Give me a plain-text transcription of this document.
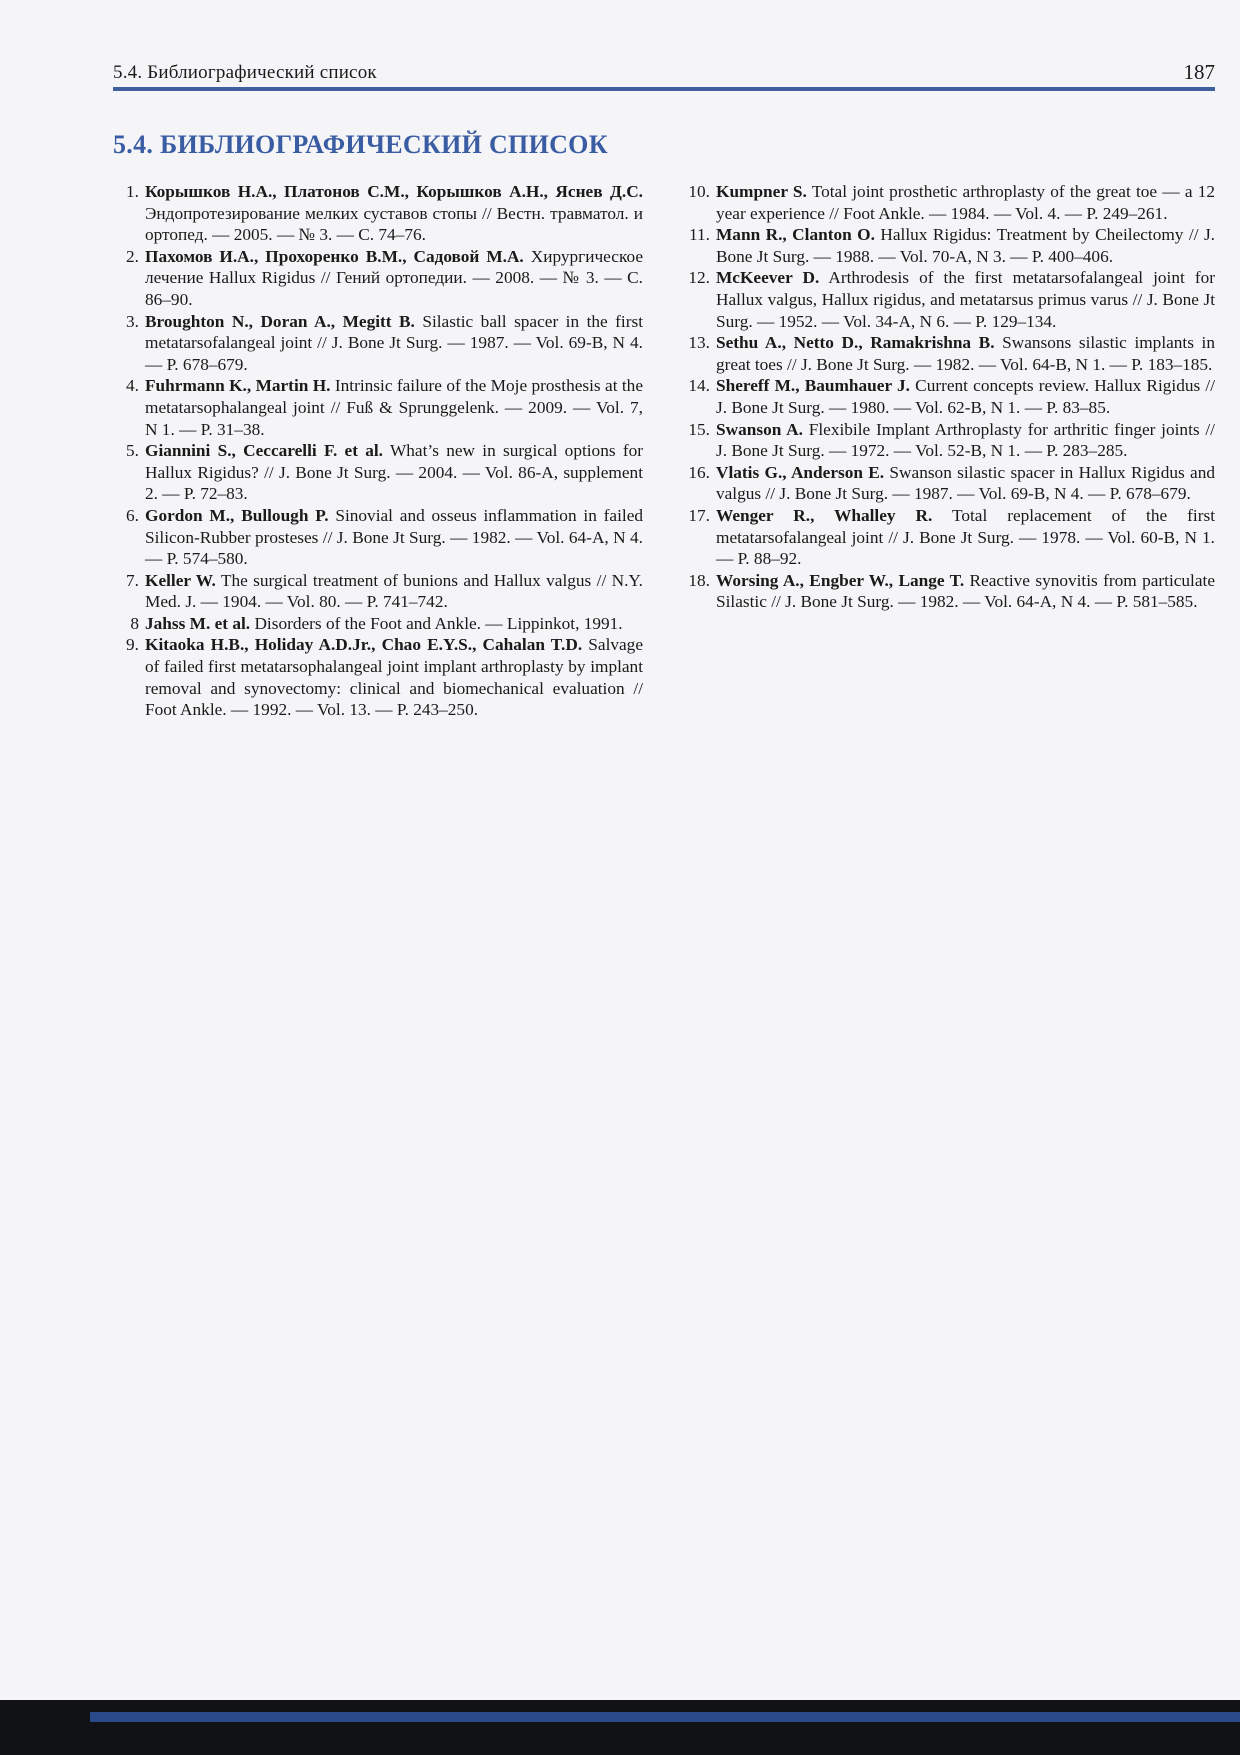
5.4. Библиографический список	187
5.4. БИБЛИОГРАФИЧЕСКИЙ СПИСОК

1. Корышков Н.А., Платонов С.М., Корышков А.Н., Яснев Д.С. Эндопротезирование мелких суставов стопы // Вестн. травматол. и ортопед. — 2005. — № 3. — С. 74–76.

2. Пахомов И.А., Прохоренко В.М., Садовой М.А. Хирургическое лечение Hallux Rigidus // Гений ортопедии. — 2008. — № 3. — С. 86–90.

3. Broughton N., Doran A., Megitt B. Silastic ball spacer in the first metatarsofalangeal joint // J. Bone Jt Surg. — 1987. — Vol. 69-B, N 4. — P. 678–679.

4. Fuhrmann K., Martin H. Intrinsic failure of the Moje prosthesis at the metatarsophalangeal joint // Fuß & Sprunggelenk. — 2009. — Vol. 7, N 1. — P. 31–38.

5. Giannini S., Ceccarelli F. et al. What’s new in surgical options for Hallux Rigidus? // J. Bone Jt Surg. — 2004. — Vol. 86-A, supplement 2. — P. 72–83.

6. Gordon M., Bullough P. Sinovial and osseus inflammation in failed Silicon-Rubber prosteses // J. Bone Jt Surg. — 1982. — Vol. 64-A, N 4. — P. 574–580.

7. Keller W. The surgical treatment of bunions and Hallux valgus // N.Y. Med. J. — 1904. — Vol. 80. — P. 741–742.

8 Jahss M. et al. Disorders of the Foot and Ankle. — Lippinkot, 1991.

9. Kitaoka H.B., Holiday A.D.Jr., Chao E.Y.S., Cahalan T.D. Salvage of failed first metatarsophalangeal joint implant arthroplasty by implant removal and synovectomy: clinical and biomechanical evaluation // Foot Ankle. — 1992. — Vol. 13. — P. 243–250.

10. Kumpner S. Total joint prosthetic arthroplasty of the great toe — a 12 year experience // Foot Ankle. — 1984. — Vol. 4. — P. 249–261.

11. Mann R., Clanton O. Hallux Rigidus: Treatment by Cheilectomy // J. Bone Jt Surg. — 1988. — Vol. 70-A, N 3. — P. 400–406.

12. McKeever D. Arthrodesis of the first metatarsofalangeal joint for Hallux valgus, Hallux rigidus, and metatarsus primus varus // J. Bone Jt Surg. — 1952. — Vol. 34-A, N 6. — P. 129–134.

13. Sethu A., Netto D., Ramakrishna B. Swansons silastic implants in great toes // J. Bone Jt Surg. — 1982. — Vol. 64-B, N 1. — P. 183–185.

14. Shereff M., Baumhauer J. Current concepts review. Hallux Rigidus // J. Bone Jt Surg. — 1980. — Vol. 62-B, N 1. — P. 83–85.

15. Swanson A. Flexibile Implant Arthroplasty for arthritic finger joints // J. Bone Jt Surg. — 1972. — Vol. 52-B, N 1. — P. 283–285.

16. Vlatis G., Anderson E. Swanson silastic spacer in Hallux Rigidus and valgus // J. Bone Jt Surg. — 1987. — Vol. 69-B, N 4. — P. 678–679.

17. Wenger R., Whalley R. Total replacement of the first metatarsofalangeal joint // J. Bone Jt Surg. — 1978. — Vol. 60-B, N 1. — P. 88–92.

18. Worsing A., Engber W., Lange T. Reactive synovitis from particulate Silastic // J. Bone Jt Surg. — 1982. — Vol. 64-A, N 4. — P. 581–585.
